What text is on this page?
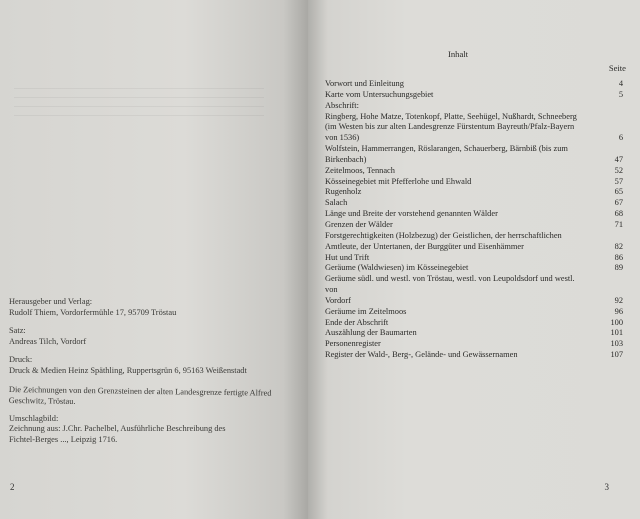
Herausgeber und Verlag:
Rudolf Thiem, Vordorfermühle 17, 95709 Tröstau
Satz:
Andreas Tilch, Vordorf
Druck:
Druck & Medien Heinz Späthling, Ruppertsgrün 6, 95163 Weißenstadt
Die Zeichnungen von den Grenzsteinen der alten Landesgrenze fertigte Alfred
Geschwitz, Tröstau.
Umschlagbild:
Zeichnung aus: J.Chr. Pachelbel, Ausführliche Beschreibung des
Fichtel-Berges ..., Leipzig 1716.
2
Inhalt
Seite
Vorwort und Einleitung	4
Karte vom Untersuchungsgebiet	5
Abschrift:
Ringberg, Hohe Matze, Totenkopf, Platte, Seehügel, Nußhardt, Schneeberg
(im Westen bis zur alten Landesgrenze Fürstentum Bayreuth/Pfalz-Bayern
von 1536)	6
Wolfstein, Hammerrangen, Röslarangen, Schauerberg, Bärnbiß (bis zum
Birkenbach)	47
Zeitelmoos, Tennach	52
Kösseinegebiet mit Pfefferlohe und Ehwald	57
Rugenholz	65
Salach	67
Länge und Breite der vorstehend genannten Wälder	68
Grenzen der Wälder	71
Forstgerechtigkeiten (Holzbezug) der Geistlichen, der herrschaftlichen
Amtleute, der Untertanen, der Burggüter und Eisenhämmer	82
Hut und Trift	86
Geräume (Waldwiesen) im Kösseinegebiet	89
Geräume südl. und westl. von Tröstau, westl. von Leupoldsdorf und westl. von
Vordorf	92
Geräume im Zeitelmoos	96
Ende der Abschrift	100
Auszählung der Baumarten	101
Personenregister	103
Register der Wald-, Berg-, Gelände- und Gewässernamen	107
3
